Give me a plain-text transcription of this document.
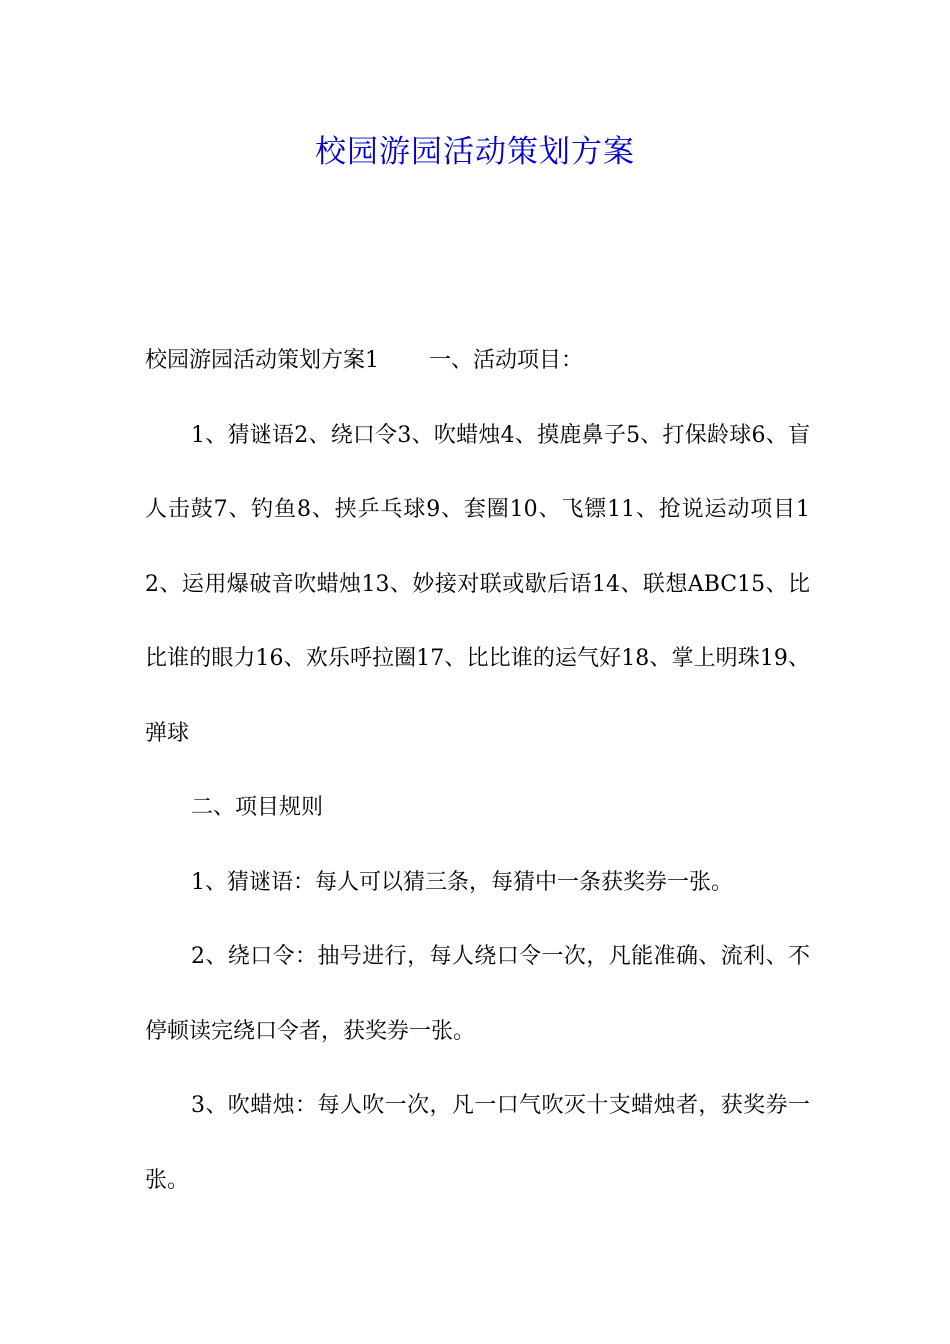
校园游园活动策划方案

校园游园活动策划方案1 一、活动项目：

1、猜谜语2、绕口令3、吹蜡烛4、摸鹿鼻子5、打保龄球6、盲人击鼓7、钓鱼8、挟乒乓球9、套圈10、飞镖11、抢说运动项目12、运用爆破音吹蜡烛13、妙接对联或歇后语14、联想ABC15、比比谁的眼力16、欢乐呼拉圈17、比比谁的运气好18、掌上明珠19、弹球

二、项目规则

1、猜谜语：每人可以猜三条，每猜中一条获奖券一张。

2、绕口令：抽号进行，每人绕口令一次，凡能准确、流利、不停顿读完绕口令者，获奖券一张。

3、吹蜡烛：每人吹一次，凡一口气吹灭十支蜡烛者，获奖券一张。
